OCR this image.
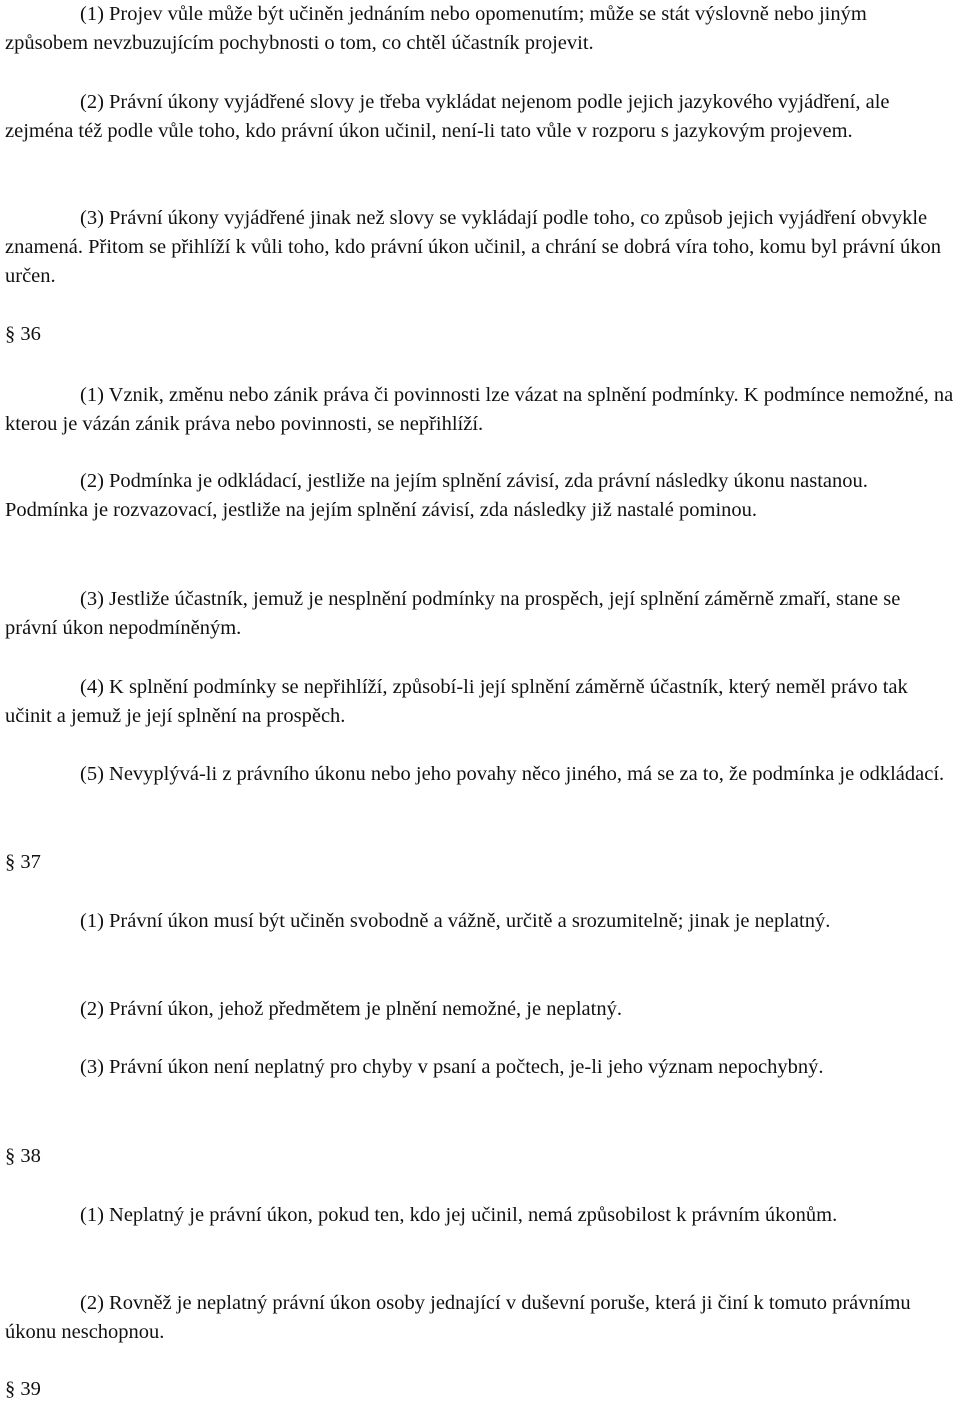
(1) Projev vůle může být učiněn jednáním nebo opomenutím; může se stát výslovně nebo jiným způsobem nevzbuzujícím pochybnosti o tom, co chtěl účastník projevit.

(2) Právní úkony vyjádřené slovy je třeba vykládat nejenom podle jejich jazykového vyjádření, ale zejména též podle vůle toho, kdo právní úkon učinil, není-li tato vůle v rozporu s jazykovým projevem.

(3) Právní úkony vyjádřené jinak než slovy se vykládají podle toho, co způsob jejich vyjádření obvykle znamená. Přitom se přihlíží k vůli toho, kdo právní úkon učinil, a chrání se dobrá víra toho, komu byl právní úkon určen.

§ 36

(1) Vznik, změnu nebo zánik práva či povinnosti lze vázat na splnění podmínky. K podmínce nemožné, na kterou je vázán zánik práva nebo povinnosti, se nepřihlíží.

(2) Podmínka je odkládací, jestliže na jejím splnění závisí, zda právní následky úkonu nastanou. Podmínka je rozvazovací, jestliže na jejím splnění závisí, zda následky již nastalé pominou.

(3) Jestliže účastník, jemuž je nesplnění podmínky na prospěch, její splnění záměrně zmaří, stane se právní úkon nepodmíněným.

(4) K splnění podmínky se nepřihlíží, způsobí-li její splnění záměrně účastník, který neměl právo tak učinit a jemuž je její splnění na prospěch.

(5) Nevyplývá-li z právního úkonu nebo jeho povahy něco jiného, má se za to, že podmínka je odkládací.

§ 37

(1) Právní úkon musí být učiněn svobodně a vážně, určitě a srozumitelně; jinak je neplatný.

(2) Právní úkon, jehož předmětem je plnění nemožné, je neplatný.

(3) Právní úkon není neplatný pro chyby v psaní a počtech, je-li jeho význam nepochybný.

§ 38

(1) Neplatný je právní úkon, pokud ten, kdo jej učinil, nemá způsobilost k právním úkonům.

(2) Rovněž je neplatný právní úkon osoby jednající v duševní poruše, která ji činí k tomuto právnímu úkonu neschopnou.

§ 39
